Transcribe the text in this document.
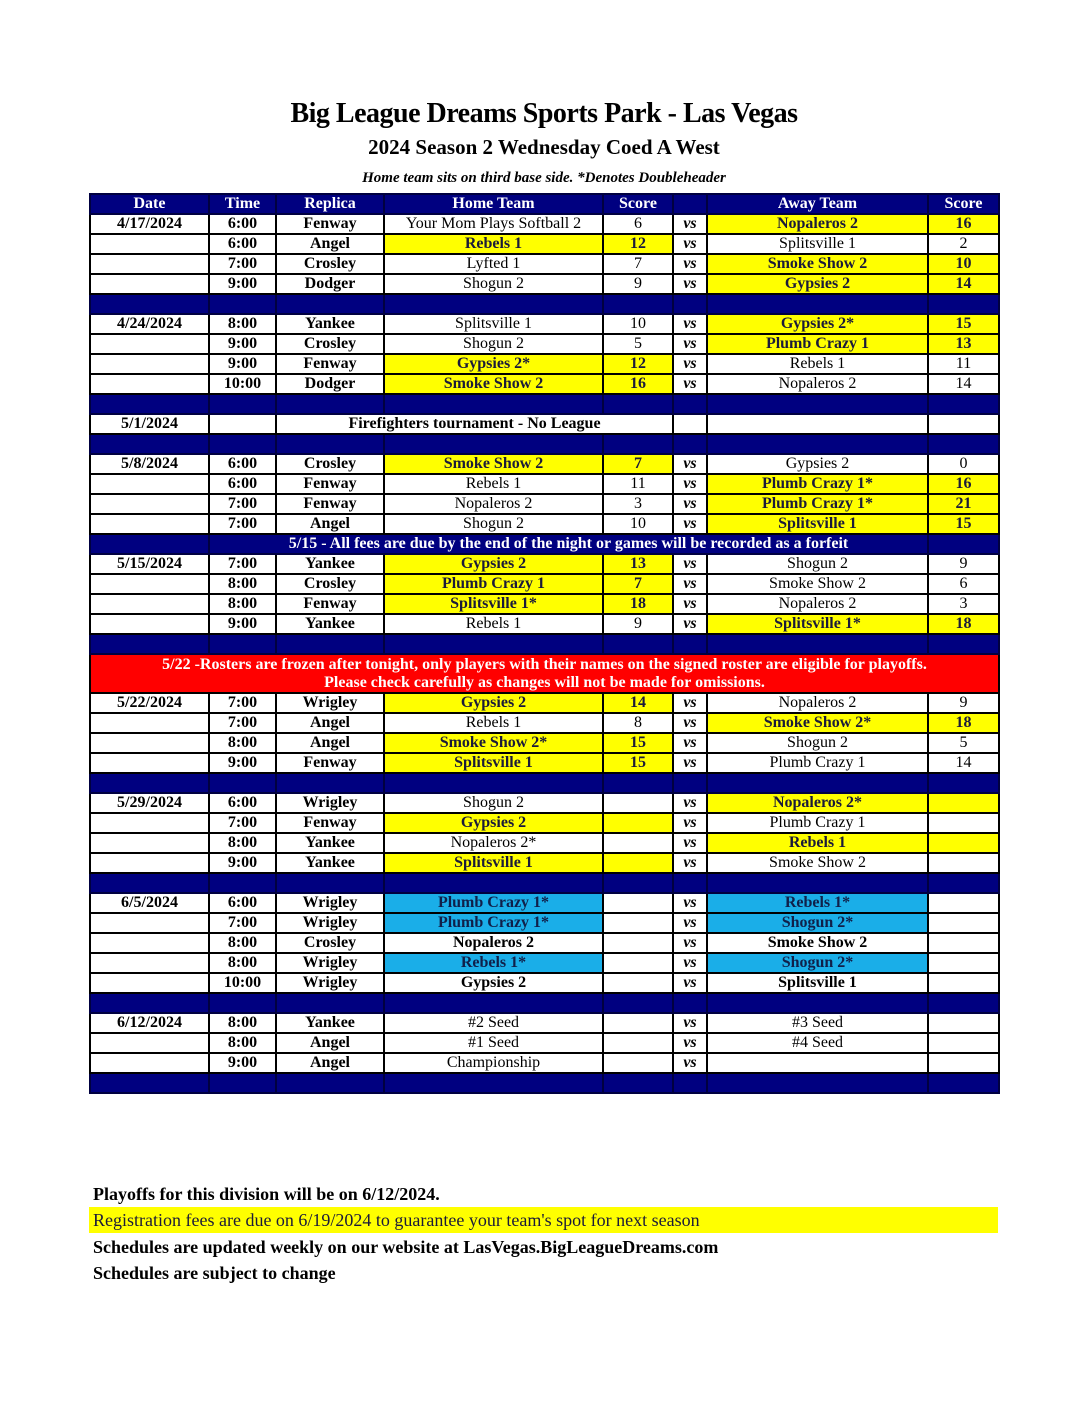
Big League Dreams Sports Park - Las Vegas
2024 Season 2 Wednesday Coed A West
Home team sits on third base side. *Denotes Doubleheader
Date	Time	Replica	Home Team	Score		Away Team	Score
4/17/2024	6:00	Fenway	Your Mom Plays Softball 2	6	vs	Nopaleros 2	16
	6:00	Angel	Rebels 1	12	vs	Splitsville 1	2
	7:00	Crosley	Lyfted 1	7	vs	Smoke Show 2	10
	9:00	Dodger	Shogun 2	9	vs	Gypsies 2	14

4/24/2024	8:00	Yankee	Splitsville 1	10	vs	Gypsies 2*	15
	9:00	Crosley	Shogun 2	5	vs	Plumb Crazy 1	13
	9:00	Fenway	Gypsies 2*	12	vs	Rebels 1	11
	10:00	Dodger	Smoke Show 2	16	vs	Nopaleros 2	14

5/1/2024		Firefighters tournament - No League					

5/8/2024	6:00	Crosley	Smoke Show 2	7	vs	Gypsies 2	0
	6:00	Fenway	Rebels 1	11	vs	Plumb Crazy 1*	16
	7:00	Fenway	Nopaleros 2	3	vs	Plumb Crazy 1*	21
	7:00	Angel	Shogun 2	10	vs	Splitsville 1	15
	5/15 - All fees are due by the end of the night or games will be recorded as a forfeit						
5/15/2024	7:00	Yankee	Gypsies 2	13	vs	Shogun 2	9
	8:00	Crosley	Plumb Crazy 1	7	vs	Smoke Show 2	6
	8:00	Fenway	Splitsville 1*	18	vs	Nopaleros 2	3
	9:00	Yankee	Rebels 1	9	vs	Splitsville 1*	18

5/22 -Rosters are frozen after tonight, only players with their names on the signed roster are eligible for playoffs.
Please check carefully as changes will not be made for omissions.							

5/22/2024	7:00	Wrigley	Gypsies 2	14	vs	Nopaleros 2	9
	7:00	Angel	Rebels 1	8	vs	Smoke Show 2*	18
	8:00	Angel	Smoke Show 2*	15	vs	Shogun 2	5
	9:00	Fenway	Splitsville 1	15	vs	Plumb Crazy 1	14

5/29/2024	6:00	Wrigley	Shogun 2		vs	Nopaleros 2*	
	7:00	Fenway	Gypsies 2		vs	Plumb Crazy 1	
	8:00	Yankee	Nopaleros 2*		vs	Rebels 1	
	9:00	Yankee	Splitsville 1		vs	Smoke Show 2	

6/5/2024	6:00	Wrigley	Plumb Crazy 1*		vs	Rebels 1*	
	7:00	Wrigley	Plumb Crazy 1*		vs	Shogun 2*	
	8:00	Crosley	Nopaleros 2		vs	Smoke Show 2	
	8:00	Wrigley	Rebels 1*		vs	Shogun 2*	
	10:00	Wrigley	Gypsies 2		vs	Splitsville 1	

6/12/2024	8:00	Yankee	#2 Seed		vs	#3 Seed	
	8:00	Angel	#1 Seed		vs	#4 Seed	
	9:00	Angel	Championship		vs		

Playoffs for this division will be on 6/12/2024.
Registration fees are due on 6/19/2024 to guarantee your team's spot for next season
Schedules are updated weekly on our website at LasVegas.BigLeagueDreams.com
Schedules are subject to change
